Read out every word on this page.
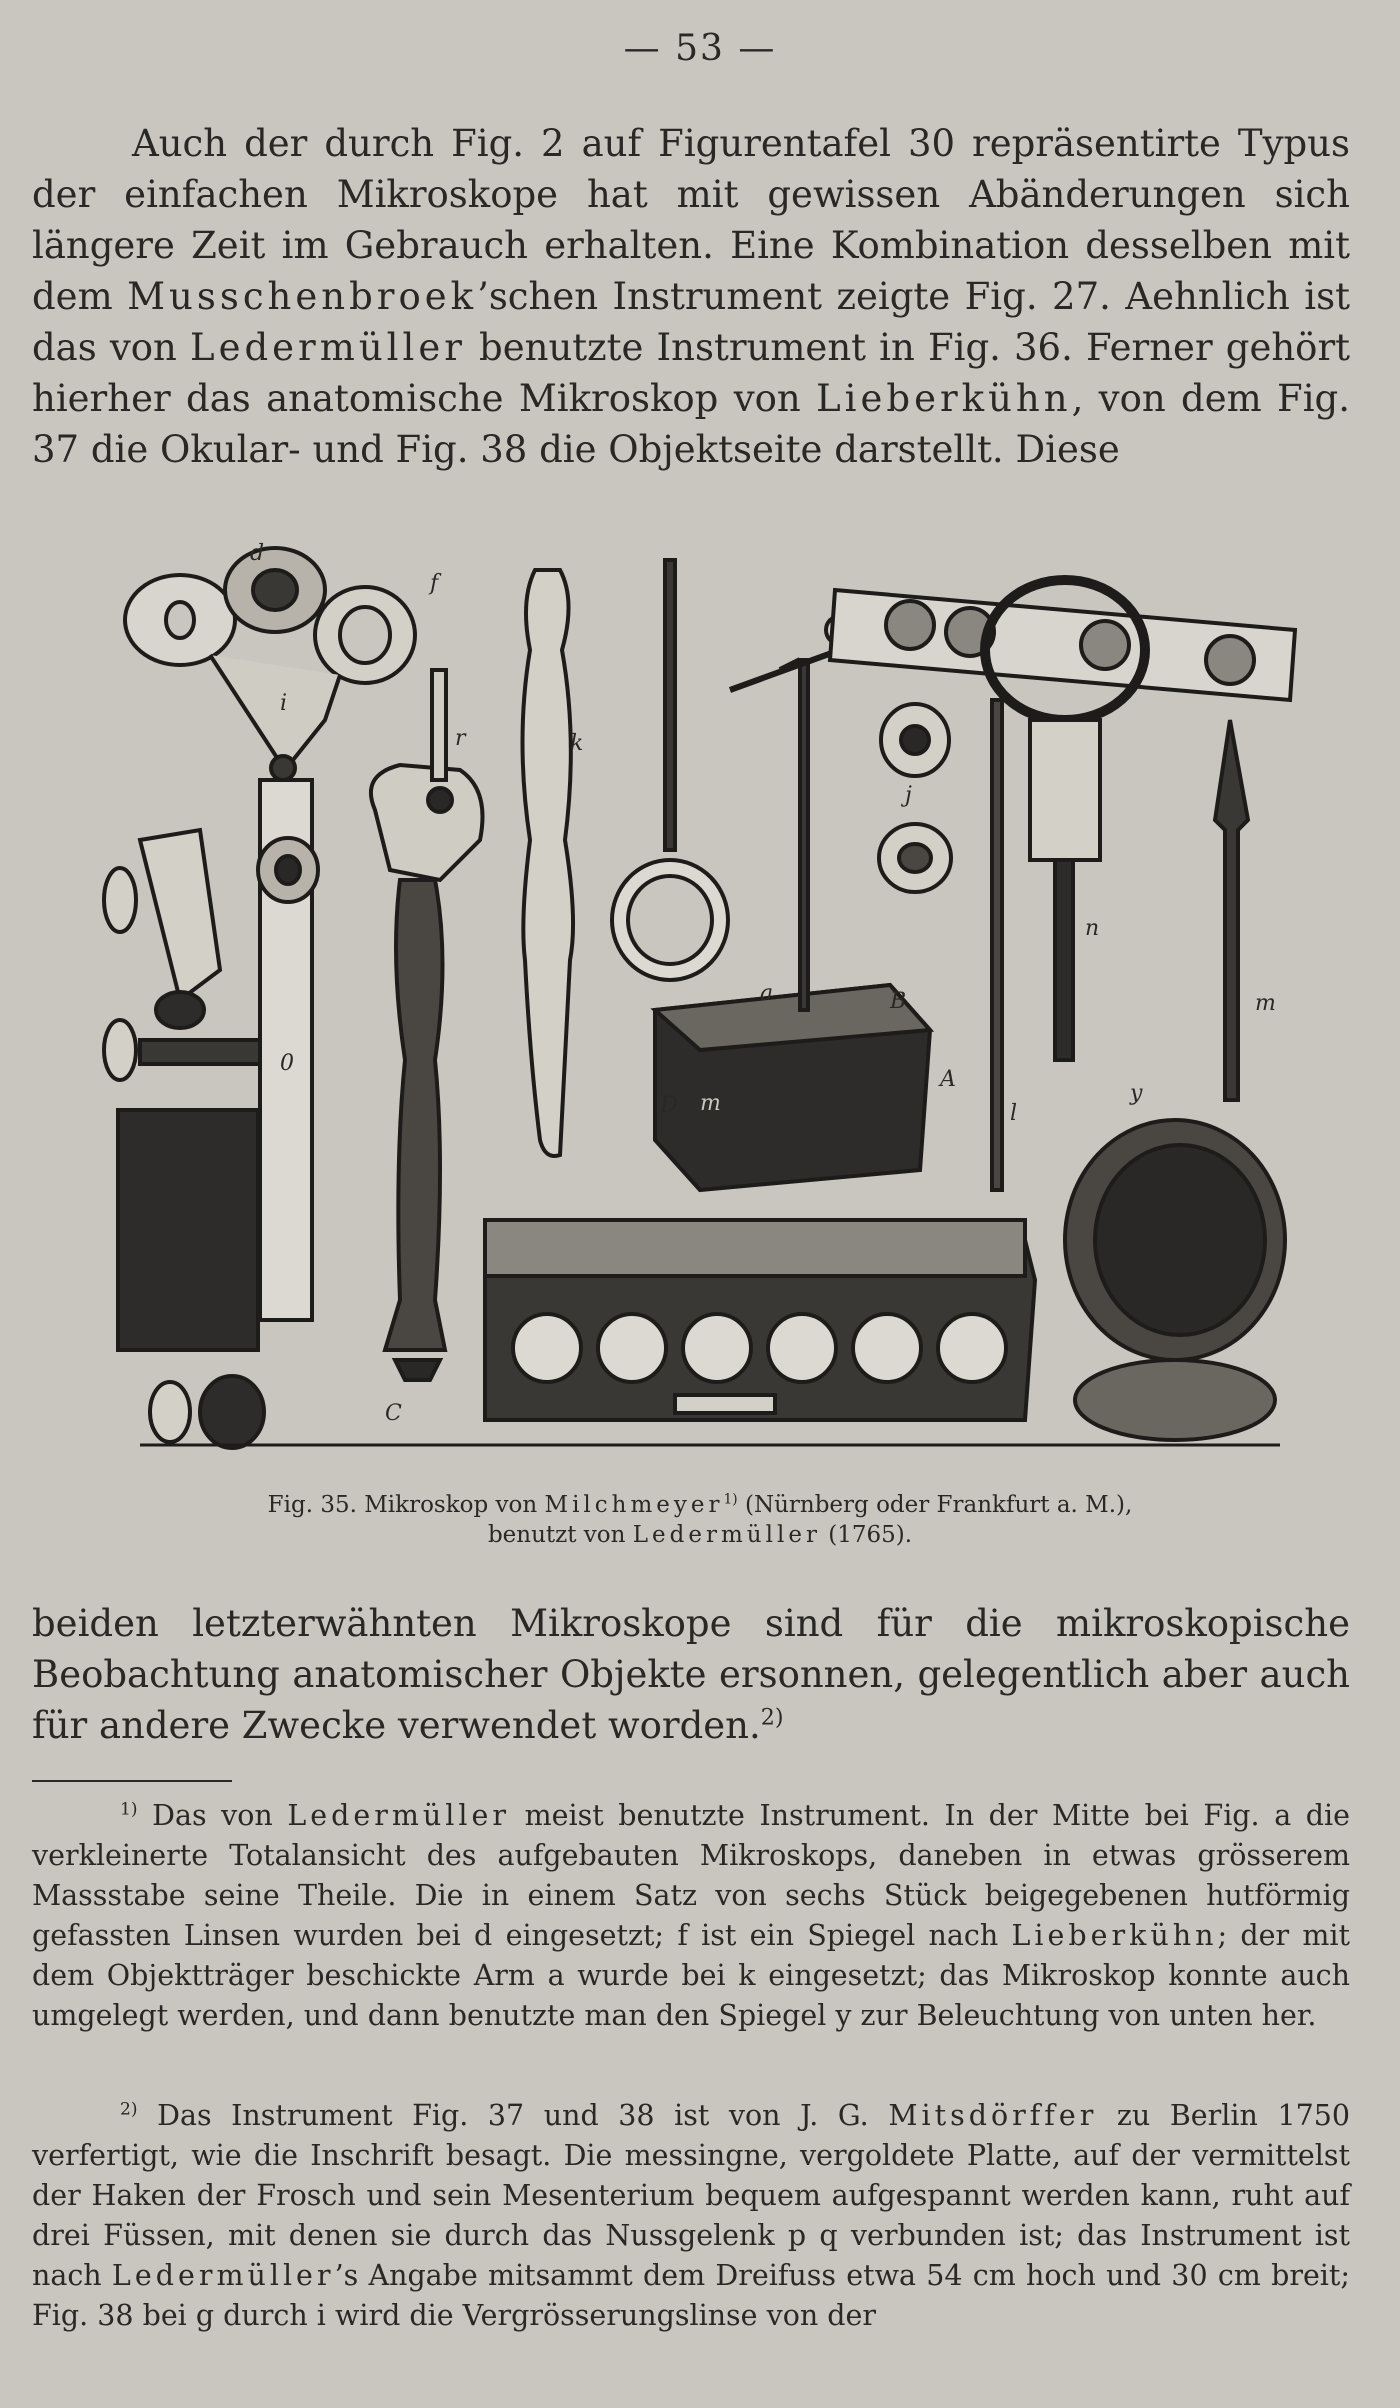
— 53 —

Auch der durch Fig. 2 auf Figurentafel 30 repräsentirte Typus der einfachen Mikroskope hat mit gewissen Abänderungen sich längere Zeit im Gebrauch erhalten. Eine Kombination desselben mit dem Musschenbroek’schen Instrument zeigte Fig. 27. Aehnlich ist das von Ledermüller benutzte Instrument in Fig. 36. Ferner gehört hierher das anatomische Mikroskop von Lieberkühn, von dem Fig. 37 die Okular- und Fig. 38 die Objektseite darstellt. Diese

d
f
i
k
r
0
C
D
B
A
l
m
y
j
n
a
m
Fig. 35. Mikroskop von Milchmeyer$^{1)}$ (Nürnberg oder Frankfurt a. M.),
benutzt von Ledermüller (1765).

beiden letzterwähnten Mikroskope sind für die mikroskopische Beobachtung anatomischer Objekte ersonnen, gelegentlich aber auch für andere Zwecke verwendet worden.$^{2)}$

$^{1)}$ Das von Ledermüller meist benutzte Instrument. In der Mitte bei Fig. a die verkleinerte Totalansicht des aufgebauten Mikroskops, daneben in etwas grösserem Massstabe seine Theile. Die in einem Satz von sechs Stück beigegebenen hutförmig gefassten Linsen wurden bei d eingesetzt; f ist ein Spiegel nach Lieberkühn; der mit dem Objektträger beschickte Arm a wurde bei k eingesetzt; das Mikroskop konnte auch umgelegt werden, und dann benutzte man den Spiegel y zur Beleuchtung von unten her.

$^{2)}$ Das Instrument Fig. 37 und 38 ist von J. G. Mitsdörffer zu Berlin 1750 verfertigt, wie die Inschrift besagt. Die messingne, vergoldete Platte, auf der vermittelst der Haken der Frosch und sein Mesenterium bequem aufgespannt werden kann, ruht auf drei Füssen, mit denen sie durch das Nussgelenk p q verbunden ist; das Instrument ist nach Ledermüller’s Angabe mitsammt dem Dreifuss etwa 54 cm hoch und 30 cm breit; Fig. 38 bei g durch i wird die Vergrösserungslinse von der
